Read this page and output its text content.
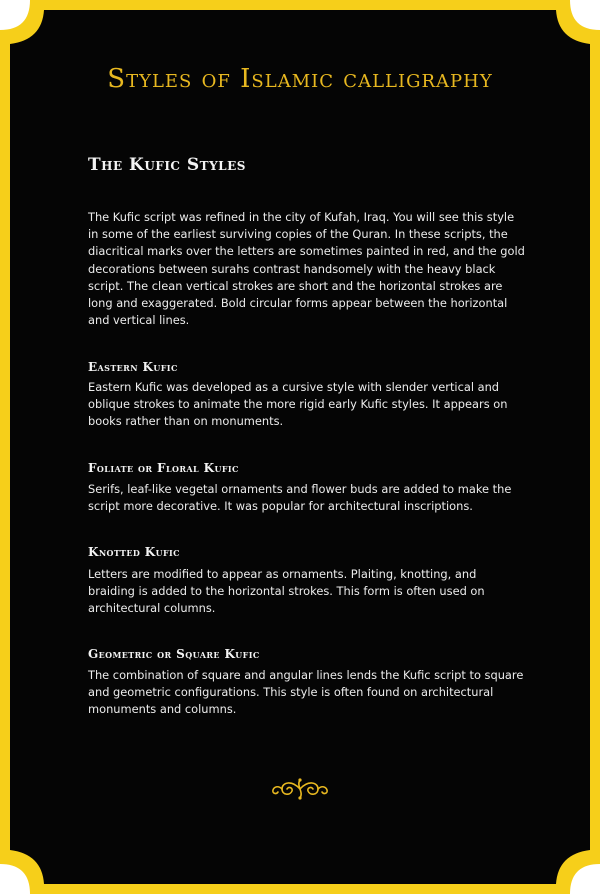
Styles of Islamic calligraphy
The Kufic Styles

The Kufic script was refined in the city of Kufah, Iraq. You will see this style in some of the earliest surviving copies of the Quran. In these scripts, the diacritical marks over the letters are sometimes painted in red, and the gold decorations between surahs contrast handsomely with the heavy black script. The clean vertical strokes are short and the horizontal strokes are long and exaggerated. Bold circular forms appear between the horizontal and vertical lines.

Eastern Kufic

Eastern Kufic was developed as a cursive style with slender vertical and oblique strokes to animate the more rigid early Kufic styles. It appears on books rather than on monuments.

Foliate or Floral Kufic

Serifs, leaf-like vegetal ornaments and flower buds are added to make the script more decorative. It was popular for architectural inscriptions.

Knotted Kufic

Letters are modified to appear as ornaments. Plaiting, knotting, and braiding is added to the horizontal strokes. This form is often used on architectural columns.

Geometric or Square Kufic

The combination of square and angular lines lends the Kufic script to square and geometric configurations. This style is often found on architectural monuments and columns.
